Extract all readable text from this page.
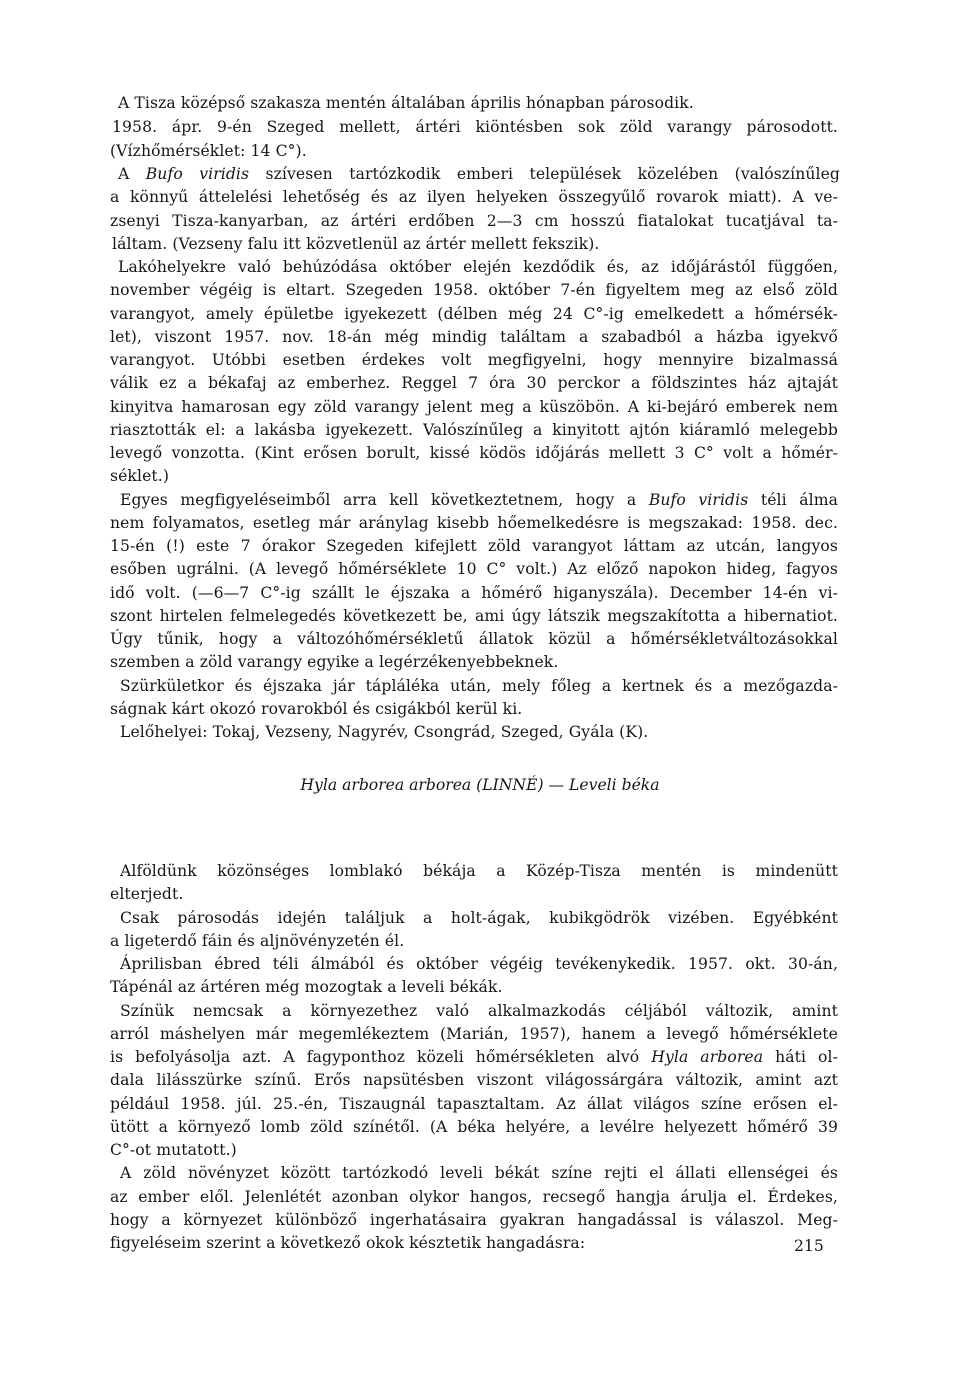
A Tisza középső szakasza mentén általában április hónapban párosodik.
1958. ápr. 9-én Szeged mellett, ártéri kiöntésben sok zöld varangy párosodott.
(Vízhőmérséklet: 14 C°).
A Bufo viridis szívesen tartózkodik emberi települések közelében (valószínűleg
a könnyű áttelelési lehetőség és az ilyen helyeken összegyűlő rovarok miatt). A ve-
zsenyi Tisza-kanyarban, az ártéri erdőben 2—3 cm hosszú fiatalokat tucatjával ta-
láltam. (Vezseny falu itt közvetlenül az ártér mellett fekszik).
Lakóhelyekre való behúzódása október elején kezdődik és, az időjárástól függően,
november végéig is eltart. Szegeden 1958. október 7-én figyeltem meg az első zöld
varangyot, amely épületbe igyekezett (délben még 24 C°-ig emelkedett a hőmérsék-
let), viszont 1957. nov. 18-án még mindig találtam a szabadból a házba igyekvő
varangyot. Utóbbi esetben érdekes volt megfigyelni, hogy mennyire bizalmassá
válik ez a békafaj az emberhez. Reggel 7 óra 30 perckor a földszintes ház ajtaját
kinyitva hamarosan egy zöld varangy jelent meg a küszöbön. A ki-bejáró emberek nem
riasztották el: a lakásba igyekezett. Valószínűleg a kinyitott ajtón kiáramló melegebb
levegő vonzotta. (Kint erősen borult, kissé ködös időjárás mellett 3 C° volt a hőmér-
séklet.)
Egyes megfigyeléseimből arra kell következtetnem, hogy a Bufo viridis téli álma
nem folyamatos, esetleg már aránylag kisebb hőemelkedésre is megszakad: 1958. dec.
15-én (!) este 7 órakor Szegeden kifejlett zöld varangyot láttam az utcán, langyos
esőben ugrálni. (A levegő hőmérséklete 10 C° volt.) Az előző napokon hideg, fagyos
idő volt. (—6—7 C°-ig szállt le éjszaka a hőmérő higanyszála). December 14-én vi-
szont hirtelen felmelegedés következett be, ami úgy látszik megszakította a hibernatiot.
Úgy tűnik, hogy a változóhőmérsékletű állatok közül a hőmérsékletváltozásokkal
szemben a zöld varangy egyike a legérzékenyebbeknek.
Szürkületkor és éjszaka jár táplálékа után, mely főleg a kertnek és a mezőgazda-
ságnak kárt okozó rovarokból és csigákból kerül ki.
Lelőhelyei: Tokaj, Vezseny, Nagyrév, Csongrád, Szeged, Gyála (K).
Alföldünk közönséges lomblakó békája a Közép-Tisza mentén is mindenütt
elterjedt.
Csak párosodás idején találjuk a holt-ágak, kubikgödrök vizében. Egyébként
a ligeterdő fáin és aljnövényzetén él.
Áprilisban ébred téli álmából és október végéig tevékenykedik. 1957. okt. 30-án,
Tápénál az ártéren még mozogtak a leveli békák.
Színük nemcsak a környezethez való alkalmazkodás céljából változik, amint
arról máshelyen már megemlékeztem (Marián, 1957), hanem a levegő hőmérséklete
is befolyásolja azt. A fagyponthoz közeli hőmérsékleten alvó Hyla arborea háti ol-
dala lilásszürke színű. Erős napsütésben viszont világossárgára változik, amint azt
például 1958. júl. 25.-én, Tiszaugnál tapasztaltam. Az állat világos színe erősen el-
ütött a környező lomb zöld színétől. (A béka helyére, a levélre helyezett hőmérő 39
C°-ot mutatott.)
A zöld növényzet között tartózkodó leveli békát színe rejti el állati ellenségei és
az ember elől. Jelenlétét azonban olykor hangos, recsegő hangja árulja el. Érdekes,
hogy a környezet különböző ingerhatásaira gyakran hangadással is válaszol. Meg-
figyeléseim szerint a következő okok késztetik hangadásra:
Hyla arborea arborea (LINNÉ) — Leveli béka
215
